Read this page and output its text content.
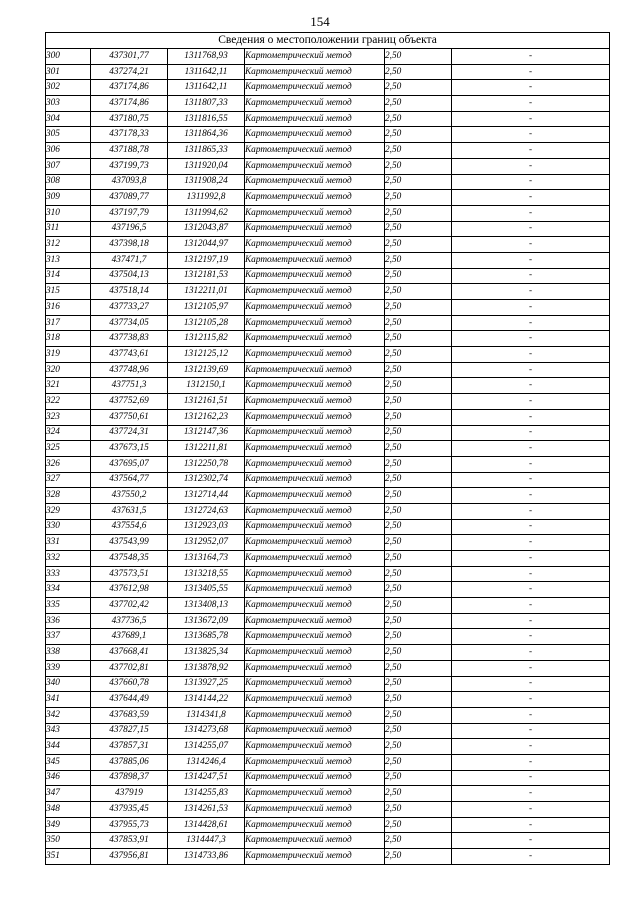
154
Сведения о местоположении границ объекта					
300	437301,77	1311768,93	Картометрический метод	2,50	-
301	437274,21	1311642,11	Картометрический метод	2,50	-
302	437174,86	1311642,11	Картометрический метод	2,50	-
303	437174,86	1311807,33	Картометрический метод	2,50	-
304	437180,75	1311816,55	Картометрический метод	2,50	-
305	437178,33	1311864,36	Картометрический метод	2,50	-
306	437188,78	1311865,33	Картометрический метод	2,50	-
307	437199,73	1311920,04	Картометрический метод	2,50	-
308	437093,8	1311908,24	Картометрический метод	2,50	-
309	437089,77	1311992,8	Картометрический метод	2,50	-
310	437197,79	1311994,62	Картометрический метод	2,50	-
311	437196,5	1312043,87	Картометрический метод	2,50	-
312	437398,18	1312044,97	Картометрический метод	2,50	-
313	437471,7	1312197,19	Картометрический метод	2,50	-
314	437504,13	1312181,53	Картометрический метод	2,50	-
315	437518,14	1312211,01	Картометрический метод	2,50	-
316	437733,27	1312105,97	Картометрический метод	2,50	-
317	437734,05	1312105,28	Картометрический метод	2,50	-
318	437738,83	1312115,82	Картометрический метод	2,50	-
319	437743,61	1312125,12	Картометрический метод	2,50	-
320	437748,96	1312139,69	Картометрический метод	2,50	-
321	437751,3	1312150,1	Картометрический метод	2,50	-
322	437752,69	1312161,51	Картометрический метод	2,50	-
323	437750,61	1312162,23	Картометрический метод	2,50	-
324	437724,31	1312147,36	Картометрический метод	2,50	-
325	437673,15	1312211,81	Картометрический метод	2,50	-
326	437695,07	1312250,78	Картометрический метод	2,50	-
327	437564,77	1312302,74	Картометрический метод	2,50	-
328	437550,2	1312714,44	Картометрический метод	2,50	-
329	437631,5	1312724,63	Картометрический метод	2,50	-
330	437554,6	1312923,03	Картометрический метод	2,50	-
331	437543,99	1312952,07	Картометрический метод	2,50	-
332	437548,35	1313164,73	Картометрический метод	2,50	-
333	437573,51	1313218,55	Картометрический метод	2,50	-
334	437612,98	1313405,55	Картометрический метод	2,50	-
335	437702,42	1313408,13	Картометрический метод	2,50	-
336	437736,5	1313672,09	Картометрический метод	2,50	-
337	437689,1	1313685,78	Картометрический метод	2,50	-
338	437668,41	1313825,34	Картометрический метод	2,50	-
339	437702,81	1313878,92	Картометрический метод	2,50	-
340	437660,78	1313927,25	Картометрический метод	2,50	-
341	437644,49	1314144,22	Картометрический метод	2,50	-
342	437683,59	1314341,8	Картометрический метод	2,50	-
343	437827,15	1314273,68	Картометрический метод	2,50	-
344	437857,31	1314255,07	Картометрический метод	2,50	-
345	437885,06	1314246,4	Картометрический метод	2,50	-
346	437898,37	1314247,51	Картометрический метод	2,50	-
347	437919	1314255,83	Картометрический метод	2,50	-
348	437935,45	1314261,53	Картометрический метод	2,50	-
349	437955,73	1314428,61	Картометрический метод	2,50	-
350	437853,91	1314447,3	Картометрический метод	2,50	-
351	437956,81	1314733,86	Картометрический метод	2,50	-
